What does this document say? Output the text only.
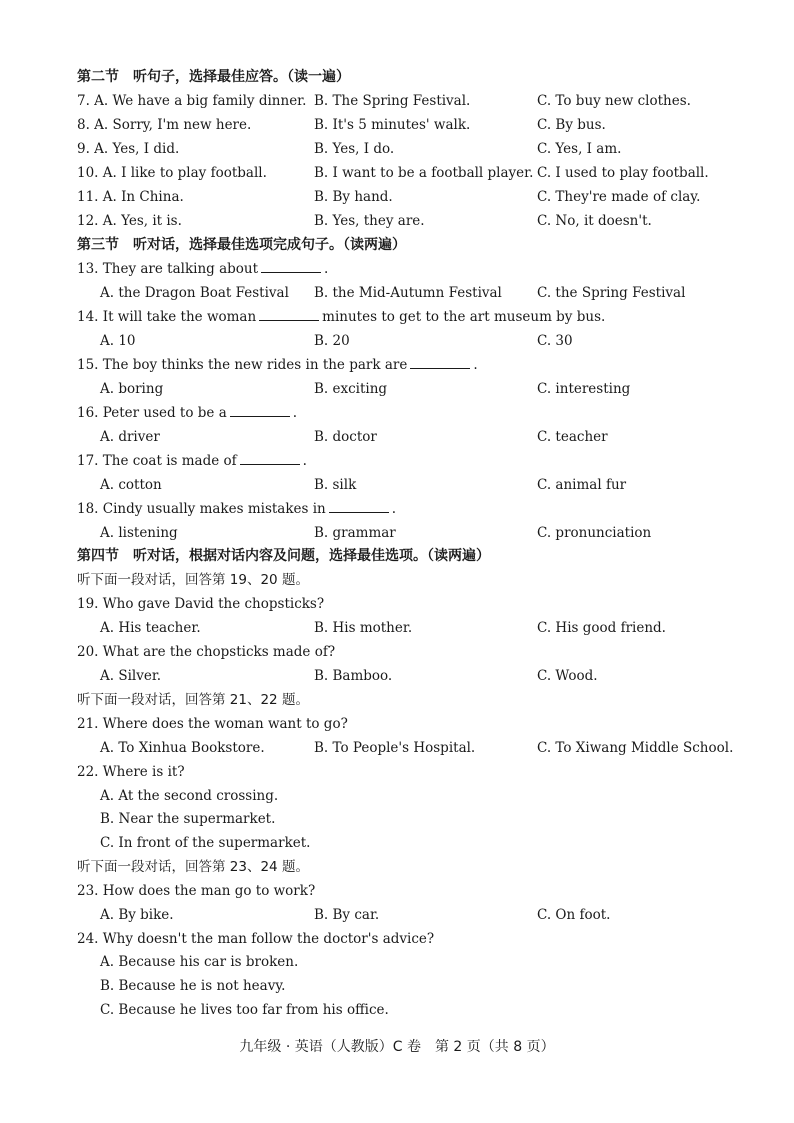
第二节　听句子，选择最佳应答。（读一遍）
7. A. We have a big family dinner. B. The Spring Festival.	C. To buy new clothes.
8. A. Sorry, I'm new here.	B. It's 5 minutes' walk.	C. By bus.
9. A. Yes, I did.	B. Yes, I do.	C. Yes, I am.
10. A. I like to play football.	B. I want to be a football player. C. I used to play football.
11. A. In China.	B. By hand.	C. They're made of clay.
12. A. Yes, it is.	B. Yes, they are.	C. No, it doesn't.
第三节　听对话，选择最佳选项完成句子。（读两遍）
13. They are talking about	.
A. the Dragon Boat Festival B. the Mid-Autumn Festival	C. the Spring Festival
14. It will take the woman	minutes to get to the art museum by bus.
A. 10	B. 20	C. 30
15. The boy thinks the new rides in the park are	.
A. boring	B. exciting	C. interesting
16. Peter used to be a	.
A. driver	B. doctor	C. teacher
17. The coat is made of	.
A. cotton	B. silk	C. animal fur
18. Cindy usually makes mistakes in	.
A. listening	B. grammar	C. pronunciation
第四节　听对话，根据对话内容及问题，选择最佳选项。（读两遍）
听下面一段对话，回答第 19、20 题。
19. Who gave David the chopsticks?
A. His teacher.	B. His mother.	C. His good friend.
20. What are the chopsticks made of?
A. Silver.	B. Bamboo.	C. Wood.
听下面一段对话，回答第 21、22 题。
21. Where does the woman want to go?
A. To Xinhua Bookstore.	B. To People's Hospital.	C. To Xiwang Middle School.
22. Where is it?
A. At the second crossing.
B. Near the supermarket.
C. In front of the supermarket.
听下面一段对话，回答第 23、24 题。
23. How does the man go to work?
A. By bike.	B. By car.	C. On foot.
24. Why doesn't the man follow the doctor's advice?
A. Because his car is broken.
B. Because he is not heavy.
C. Because he lives too far from his office.
九年级 · 英语（人教版）C 卷　第 2 页（共 8 页）
